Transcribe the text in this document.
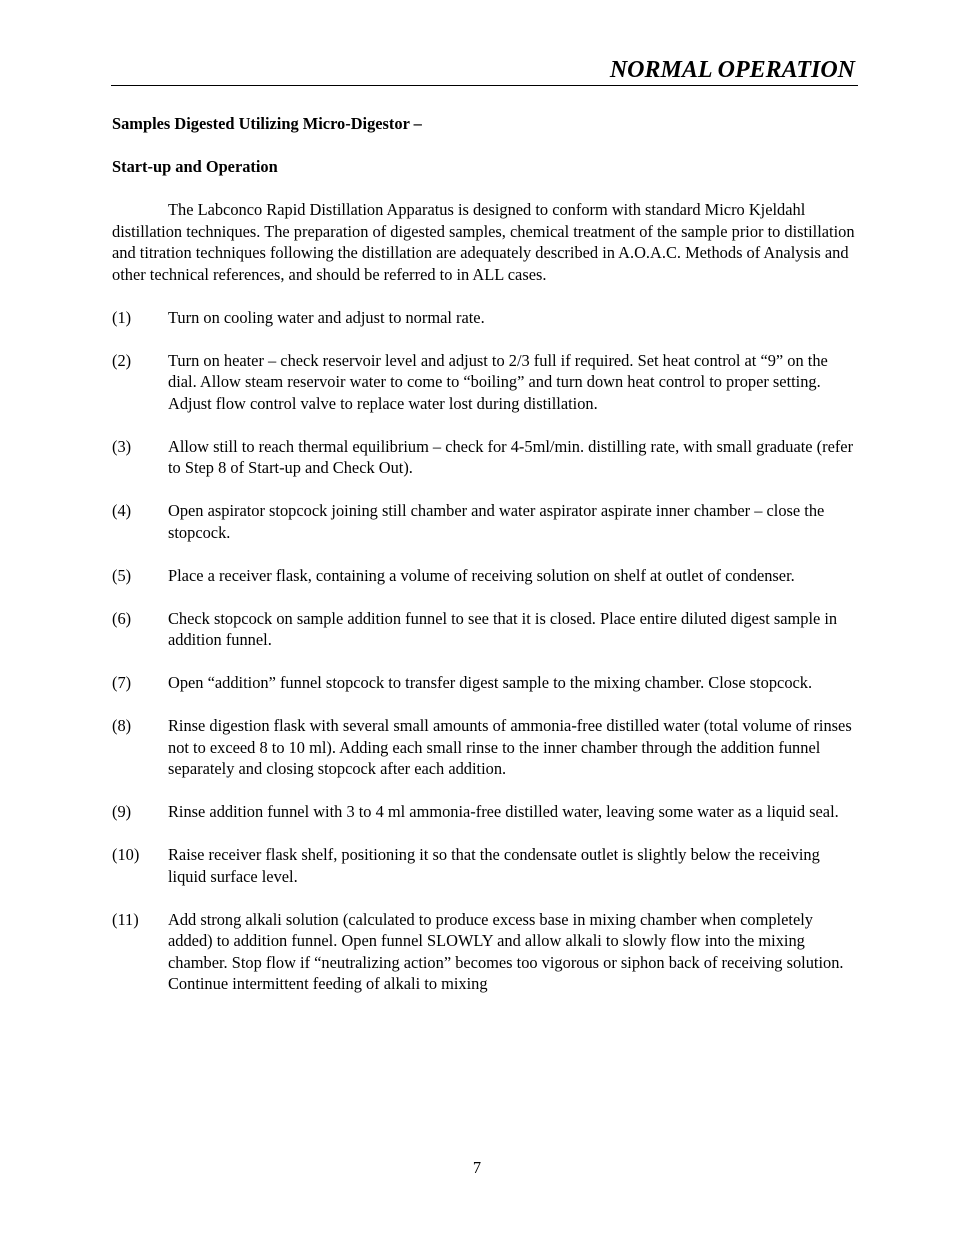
NORMAL OPERATION

Samples Digested Utilizing Micro-Digestor –

Start-up and Operation

The Labconco Rapid Distillation Apparatus is designed to conform with standard Micro Kjeldahl distillation techniques. The preparation of digested samples, chemical treatment of the sample prior to distillation and titration techniques following the distillation are adequately described in A.O.A.C. Methods of Analysis and other technical references, and should be referred to in ALL cases.

(1)	Turn on cooling water and adjust to normal rate.

(2)	Turn on heater – check reservoir level and adjust to 2/3 full if required. Set heat control at “9” on the dial. Allow steam reservoir water to come to “boiling” and turn down heat control to proper setting. Adjust flow control valve to replace water lost during distillation.

(3)	Allow still to reach thermal equilibrium – check for 4-5ml/min. distilling rate, with small graduate (refer to Step 8 of Start-up and Check Out).

(4)	Open aspirator stopcock joining still chamber and water aspirator aspirate inner chamber – close the stopcock.

(5)	Place a receiver flask, containing a volume of receiving solution on shelf at outlet of condenser.

(6)	Check stopcock on sample addition funnel to see that it is closed. Place entire diluted digest sample in addition funnel.

(7)	Open “addition” funnel stopcock to transfer digest sample to the mixing chamber. Close stopcock.

(8)	Rinse digestion flask with several small amounts of ammonia-free distilled water (total volume of rinses not to exceed 8 to 10 ml). Adding each small rinse to the inner chamber through the addition funnel separately and closing stopcock after each addition.

(9)	Rinse addition funnel with 3 to 4 ml ammonia-free distilled water, leaving some water as a liquid seal.

(10)	Raise receiver flask shelf, positioning it so that the condensate outlet is slightly below the receiving liquid surface level.

(11)	Add strong alkali solution (calculated to produce excess base in mixing chamber when completely added) to addition funnel. Open funnel SLOWLY and allow alkali to slowly flow into the mixing chamber. Stop flow if “neutralizing action” becomes too vigorous or siphon back of receiving solution. Continue intermittent feeding of alkali to mixing

7
